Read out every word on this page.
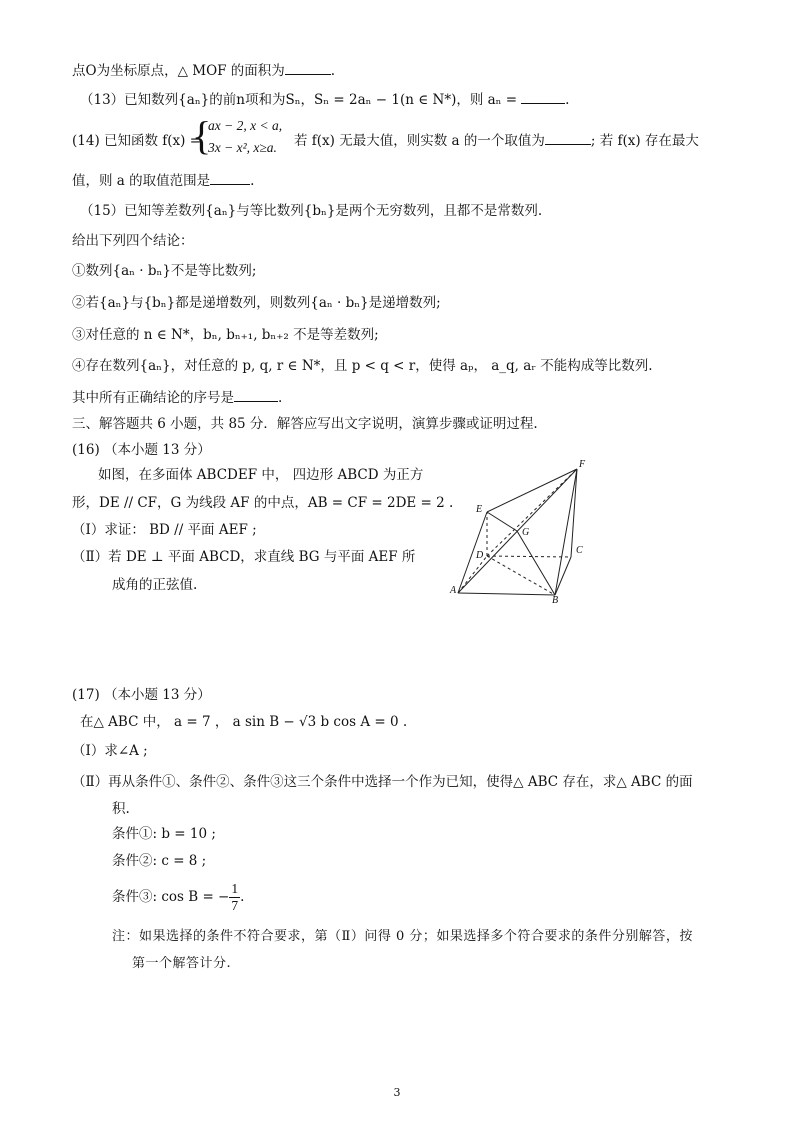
点O为坐标原点，△ MOF 的面积为	.
（13）已知数列{aₙ}的前n项和为Sₙ，Sₙ = 2aₙ − 1(n ∈ N*)，则 aₙ =	.
(14) 已知函数 f(x) =
{
ax − 2, x < a,
3x − x², x≥a. 若 f(x) 无最大值，则实数 a 的一个取值为	; 若 f(x) 存在最大
值，则 a 的取值范围是	.
（15）已知等差数列{aₙ}与等比数列{bₙ}是两个无穷数列，且都不是常数列.
给出下列四个结论：
①数列{aₙ · bₙ}不是等比数列;
②若{aₙ}与{bₙ}都是递增数列，则数列{aₙ · bₙ}是递增数列;
③对任意的 n ∈ N*，bₙ, bₙ₊₁, bₙ₊₂ 不是等差数列;
④存在数列{aₙ}，对任意的 p, q, r ∈ N*，且 p < q < r，使得 aₚ， a_q, aᵣ 不能构成等比数列.
其中所有正确结论的序号是	.
三、解答题共 6 小题，共 85 分．解答应写出文字说明，演算步骤或证明过程.
(16) （本小题 13 分）
如图，在多面体 ABCDEF 中， 四边形 ABCD 为正方
形，DE // CF，G 为线段 AF 的中点，AB = CF = 2DE = 2 .
（Ⅰ）求证： BD // 平面 AEF ;
（Ⅱ）若 DE ⊥ 平面 ABCD，求直线 BG 与平面 AEF 所
成角的正弦值.
F
E
G
D	C
A
B
(17) （本小题 13 分）
在△ ABC 中， a = 7 ， a sin B − √3 b cos A = 0 .
（Ⅰ）求∠A ;
（Ⅱ）再从条件①、条件②、条件③这三个条件中选择一个作为已知，使得△ ABC 存在，求△ ABC 的面
积.
条件①: b = 10 ;
条件②: c = 8 ;
条件③: cos B = − $\frac{1}{7}$ .
注：如果选择的条件不符合要求，第（Ⅱ）问得 0 分；如果选择多个符合要求的条件分别解答，按
第一个解答计分.
3
